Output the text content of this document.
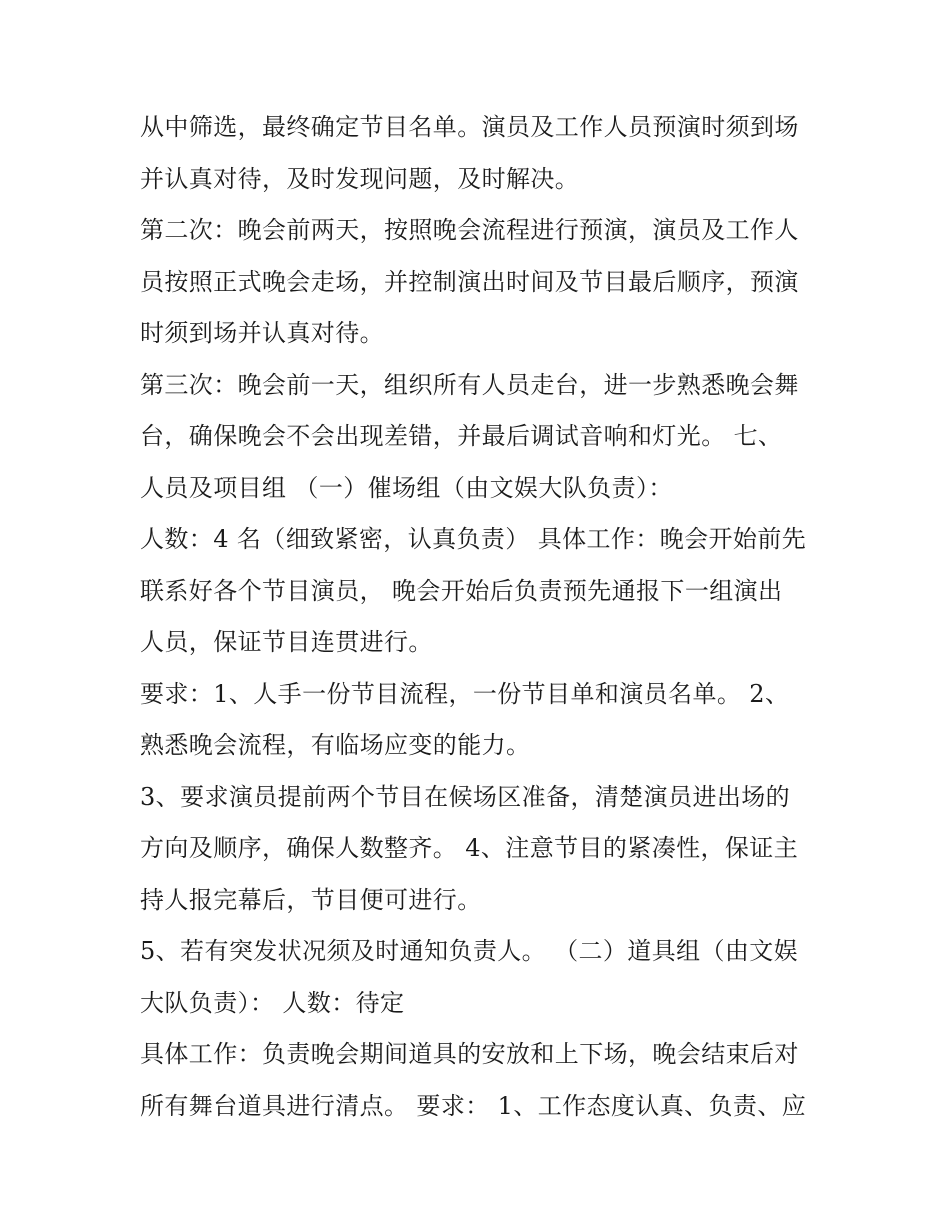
从中筛选，最终确定节目名单。演员及工作人员预演时须到场
并认真对待，及时发现问题，及时解决。
第二次：晚会前两天，按照晚会流程进行预演，演员及工作人
员按照正式晚会走场，并控制演出时间及节目最后顺序，预演
时须到场并认真对待。
第三次：晚会前一天，组织所有人员走台，进一步熟悉晚会舞
台，确保晚会不会出现差错，并最后调试音响和灯光。 七、
人员及项目组 （一）催场组（由文娱大队负责）：
人数：4 名（细致紧密，认真负责） 具体工作：晚会开始前先
联系好各个节目演员， 晚会开始后负责预先通报下一组演出
人员，保证节目连贯进行。
要求：1、人手一份节目流程，一份节目单和演员名单。 2、
熟悉晚会流程，有临场应变的能力。
3、要求演员提前两个节目在候场区准备，清楚演员进出场的
方向及顺序，确保人数整齐。 4、注意节目的紧凑性，保证主
持人报完幕后，节目便可进行。
5、若有突发状况须及时通知负责人。 （二）道具组（由文娱
大队负责）： 人数：待定
具体工作：负责晚会期间道具的安放和上下场，晚会结束后对
所有舞台道具进行清点。 要求： 1、工作态度认真、负责、应
